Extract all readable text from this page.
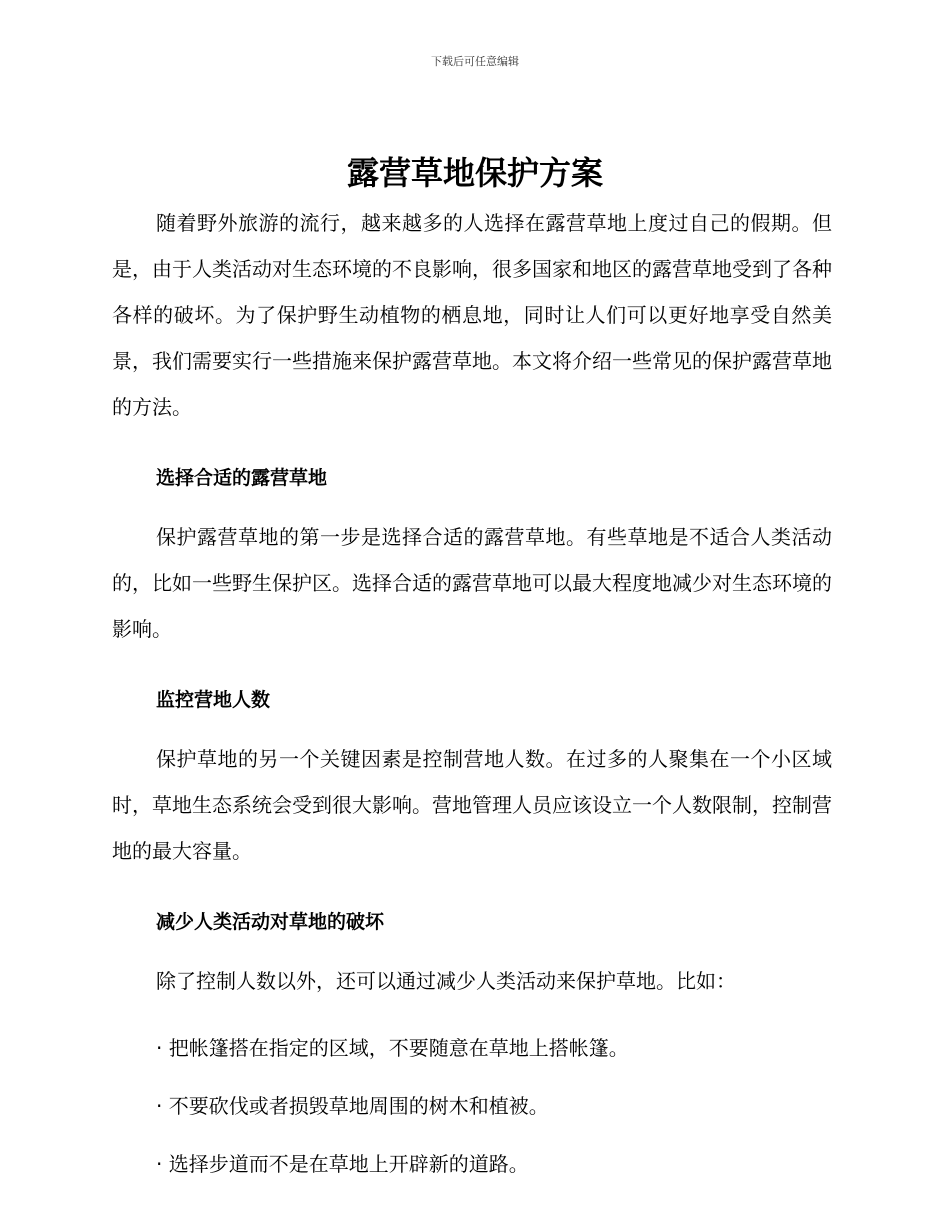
下载后可任意编辑
露营草地保护方案

随着野外旅游的流行，越来越多的人选择在露营草地上度过自己的假期。但是，由于人类活动对生态环境的不良影响，很多国家和地区的露营草地受到了各种各样的破坏。为了保护野生动植物的栖息地，同时让人们可以更好地享受自然美景，我们需要实行一些措施来保护露营草地。本文将介绍一些常见的保护露营草地的方法。

选择合适的露营草地

保护露营草地的第一步是选择合适的露营草地。有些草地是不适合人类活动的，比如一些野生保护区。选择合适的露营草地可以最大程度地减少对生态环境的影响。

监控营地人数

保护草地的另一个关键因素是控制营地人数。在过多的人聚集在一个小区域时，草地生态系统会受到很大影响。营地管理人员应该设立一个人数限制，控制营地的最大容量。

减少人类活动对草地的破坏

除了控制人数以外，还可以通过减少人类活动来保护草地。比如：

· 把帐篷搭在指定的区域，不要随意在草地上搭帐篷。

· 不要砍伐或者损毁草地周围的树木和植被。

· 选择步道而不是在草地上开辟新的道路。
